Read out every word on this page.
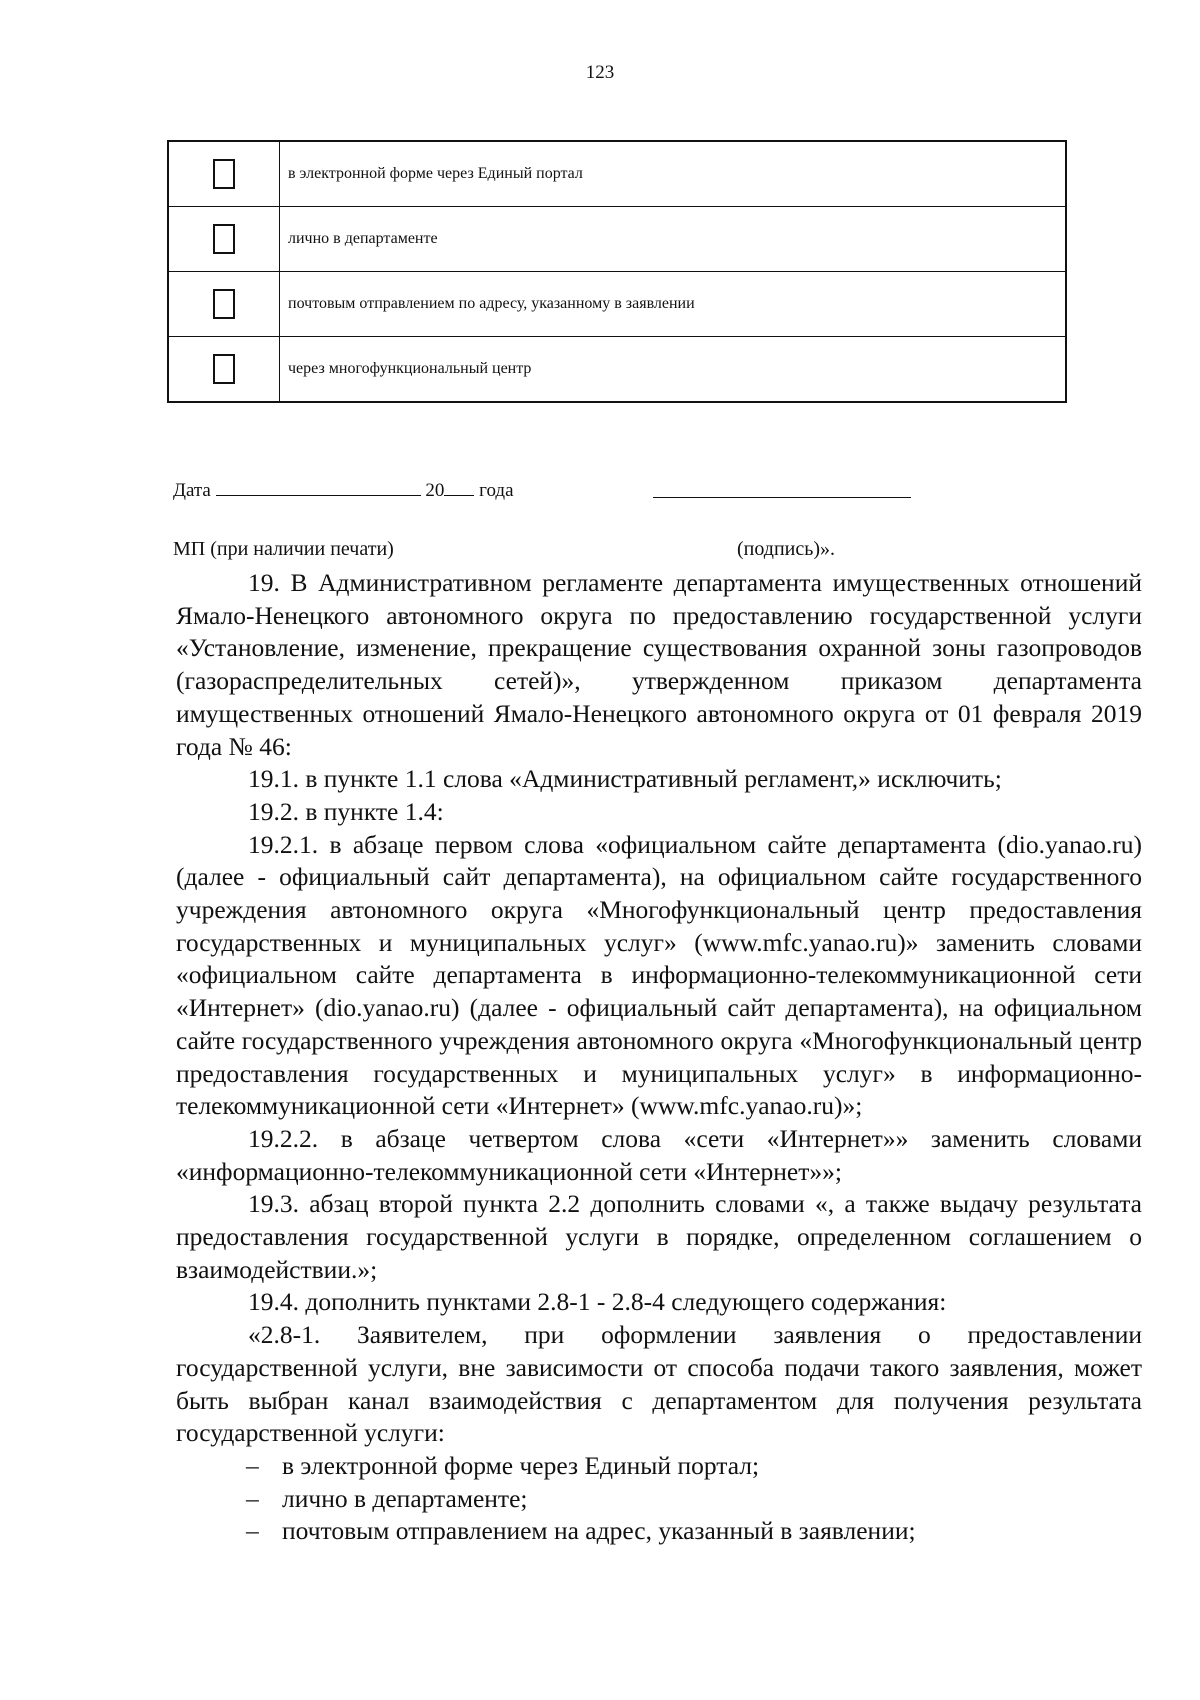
123
	в электронной форме через Единый портал
	лично в департаменте
	почтовым отправлением по адресу, указанному в заявлении
	через многофункциональный центр
Дата	20 года
МП (при наличии печати)	(подпись)».

19. В Административном регламенте департамента имущественных отношений Ямало-Ненецкого автономного округа по предоставлению государственной услуги «Установление, изменение, прекращение существования охранной зоны газопроводов (газораспределительных сетей)», утвержденном приказом департамента имущественных отношений Ямало-Ненецкого автономного округа от 01 февраля 2019 года № 46:

19.1. в пункте 1.1 слова «Административный регламент,» исключить;

19.2. в пункте 1.4:

19.2.1. в абзаце первом слова «официальном сайте департамента (dio.yanao.ru) (далее - официальный сайт департамента), на официальном сайте государственного учреждения автономного округа «Многофункциональный центр предоставления государственных и муниципальных услуг» (www.mfc.yanao.ru)» заменить словами «официальном сайте департамента в информационно-телекоммуникационной сети «Интернет» (dio.yanao.ru) (далее - официальный сайт департамента), на официальном сайте государственного учреждения автономного округа «Многофункциональный центр предоставления государственных и муниципальных услуг» в информационно-телекоммуникационной сети «Интернет» (www.mfc.yanao.ru)»;

19.2.2. в абзаце четвертом слова «сети «Интернет»» заменить словами «информационно-телекоммуникационной сети «Интернет»»;

19.3. абзац второй пункта 2.2 дополнить словами «, а также выдачу результата предоставления государственной услуги в порядке, определенном соглашением о взаимодействии.»;

19.4. дополнить пунктами 2.8-1 - 2.8-4 следующего содержания:

«2.8-1. Заявителем, при оформлении заявления о предоставлении государственной услуги, вне зависимости от способа подачи такого заявления, может быть выбран канал взаимодействия с департаментом для получения результата государственной услуги:

– в электронной форме через Единый портал;
– лично в департаменте;
– почтовым отправлением на адрес, указанный в заявлении;
